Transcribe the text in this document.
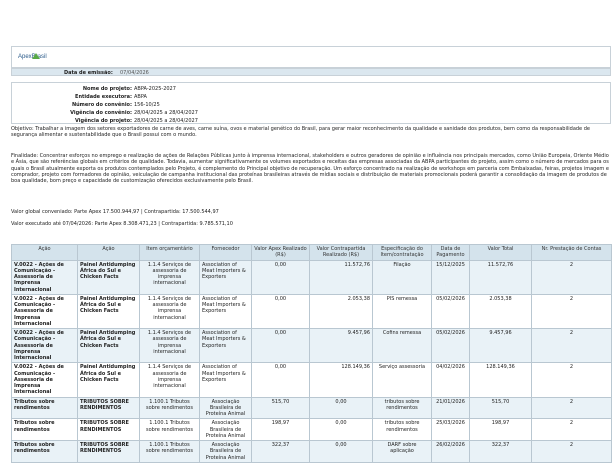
ApexBrasil
Data de emissão: 07/04/2026
Nome do projeto: ABPA-2025-2027
Entidade executora: ABPA
Número do convênio: 156-10/25
Vigência do convênio: 28/04/2025 a 28/04/2027
Vigência do projeto: 28/04/2025 a 28/04/2027

Objetivo: Trabalhar a imagem dos setores exportadores de carne de aves, carne suína, ovos e material genético do Brasil, para gerar maior reconhecimento da qualidade e sanidade dos produtos, bem como da responsabilidade de segurança alimentar e sustentabilidade que o Brasil possui com o mundo.

Finalidade: Concentrar esforços no emprego e realização de ações de Relações Públicas junto à imprensa internacional, stakeholders e outros geradores de opinião e influência nos principais mercados, como União Europeia, Oriente Médio e Ásia, que são referências globais em critérios de qualidade. Todavia, aumentar significativamente os volumes exportados e receitas das empresas associadas da ABPA participantes do projeto, assim como o número de mercados para os quais o Brasil atualmente exporta os produtos contemplados pelo Projeto, é complemento do Principal objetivo de recuperação. Um esforço concentrado na realização de workshops em parceria com Embaixadas, feiras, projetos imagem e comprador, projeto com formadores de opinião, veiculação de campanha institucional das proteínas brasileiras através de mídias sociais e distribuição de materiais promocionais poderá garantir a consolidação da imagem de produtos de boa qualidade, bom preço e capacidade de customização oferecidos exclusivamente pelo Brasil.

Valor global conveniado: Parte Apex 17.500.944,97 | Contrapartida: 17.500.544,97

Valor executado até 07/04/2026: Parte Apex 8.308.471,23 | Contrapartida: 9.785.571,10

Ação	Ação	Item orçamentário	Fornecedor	Valor Apex Realizado (R$)	Valor Contrapartida Realizado (R$)	Especificação do Item/contratação	Data de Pagamento	Valor Total	Nr. Prestação de Contas
V.0022 - Ações de Comunicação - Assessoria de Imprensa Internacional	Painel Antidumping África do Sul e Chicken Facts	1.1.4 Serviços de assessoria de imprensa internacional	Association of Meat Importers & Exporters	0,00	11.572,76	Filação	15/12/2025	11.572,76	2
V.0022 - Ações de Comunicação - Assessoria de Imprensa Internacional	Painel Antidumping África do Sul e Chicken Facts	1.1.4 Serviços de assessoria de imprensa internacional	Association of Meat Importers & Exporters	0,00	2.053,38	PIS remessa	05/02/2026	2.053,38	2
V.0022 - Ações de Comunicação - Assessoria de Imprensa Internacional	Painel Antidumping África do Sul e Chicken Facts	1.1.4 Serviços de assessoria de imprensa internacional	Association of Meat Importers & Exporters	0,00	9.457,96	Cofins remessa	05/02/2026	9.457,96	2
V.0022 - Ações de Comunicação - Assessoria de Imprensa Internacional	Painel Antidumping África do Sul e Chicken Facts	1.1.4 Serviços de assessoria de imprensa internacional	Association of Meat Importers & Exporters	0,00	128.149,36	Serviço assessoria	04/02/2026	128.149,36	2
Tributos sobre rendimentos	TRIBUTOS SOBRE RENDIMENTOS	1.100.1 Tributos sobre rendimentos	Associação Brasileira de Proteína Animal	515,70	0,00	tributos sobre rendimentos	21/01/2026	515,70	2
Tributos sobre rendimentos	TRIBUTOS SOBRE RENDIMENTOS	1.100.1 Tributos sobre rendimentos	Associação Brasileira de Proteína Animal	198,97	0,00	tributos sobre rendimentos	25/03/2026	198,97	2
Tributos sobre rendimentos	TRIBUTOS SOBRE RENDIMENTOS	1.100.1 Tributos sobre rendimentos	Associação Brasileira de Proteína Animal	322,37	0,00	DARF sobre aplicação	26/02/2026	322,37	2
